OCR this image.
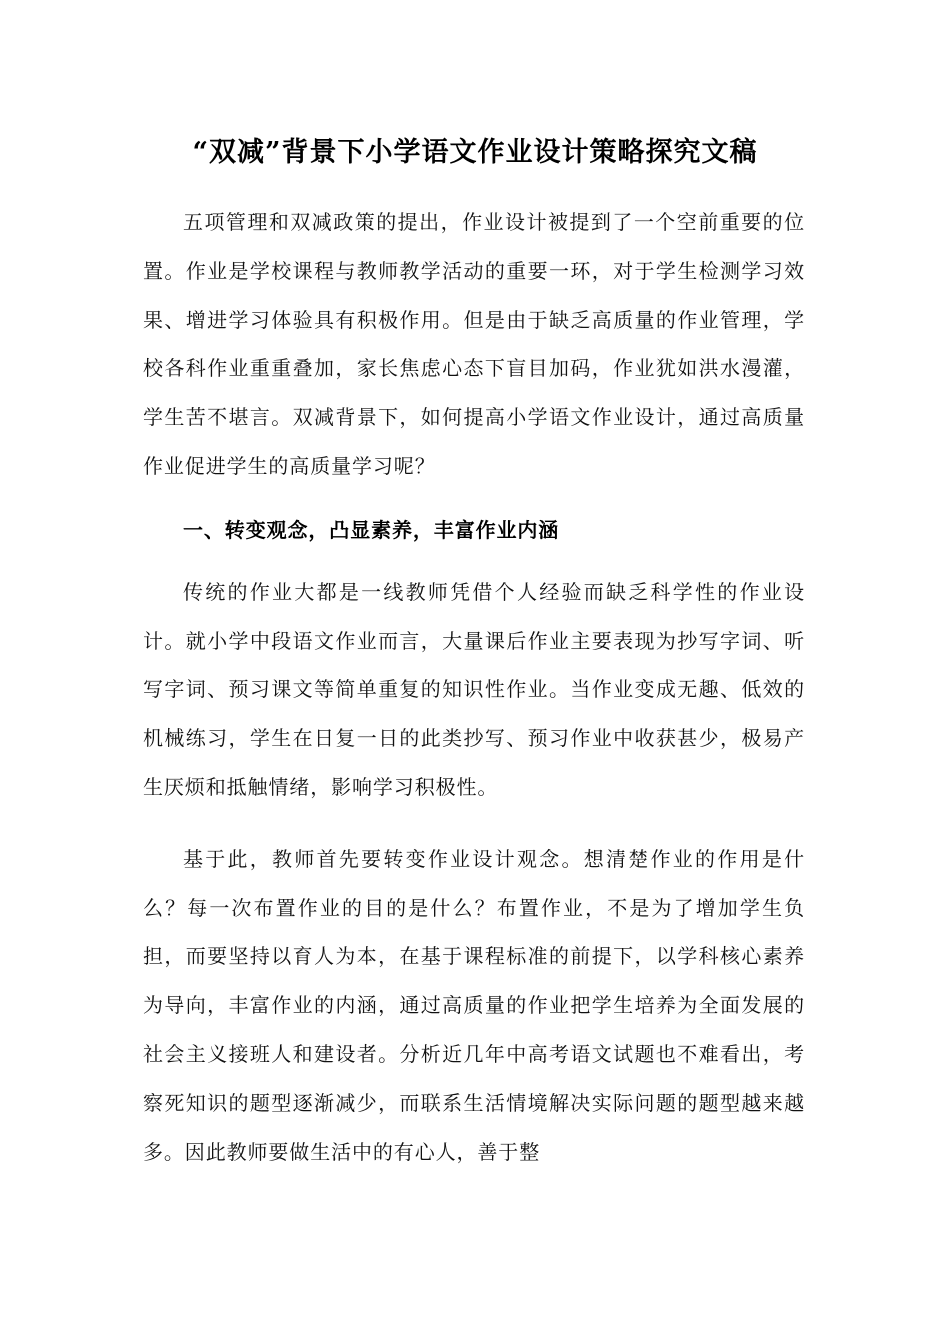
“双减”背景下小学语文作业设计策略探究文稿

五项管理和双减政策的提出，作业设计被提到了一个空前重要的位置。作业是学校课程与教师教学活动的重要一环，对于学生检测学习效果、增进学习体验具有积极作用。但是由于缺乏高质量的作业管理，学校各科作业重重叠加，家长焦虑心态下盲目加码，作业犹如洪水漫灌，学生苦不堪言。双减背景下，如何提高小学语文作业设计，通过高质量作业促进学生的高质量学习呢？

一、转变观念，凸显素养，丰富作业内涵

传统的作业大都是一线教师凭借个人经验而缺乏科学性的作业设计。就小学中段语文作业而言，大量课后作业主要表现为抄写字词、听写字词、预习课文等简单重复的知识性作业。当作业变成无趣、低效的机械练习，学生在日复一日的此类抄写、预习作业中收获甚少，极易产生厌烦和抵触情绪，影响学习积极性。

基于此，教师首先要转变作业设计观念。想清楚作业的作用是什么？每一次布置作业的目的是什么？布置作业，不是为了增加学生负担，而要坚持以育人为本，在基于课程标准的前提下，以学科核心素养为导向，丰富作业的内涵，通过高质量的作业把学生培养为全面发展的社会主义接班人和建设者。分析近几年中高考语文试题也不难看出，考察死知识的题型逐渐减少，而联系生活情境解决实际问题的题型越来越多。因此教师要做生活中的有心人，善于整
